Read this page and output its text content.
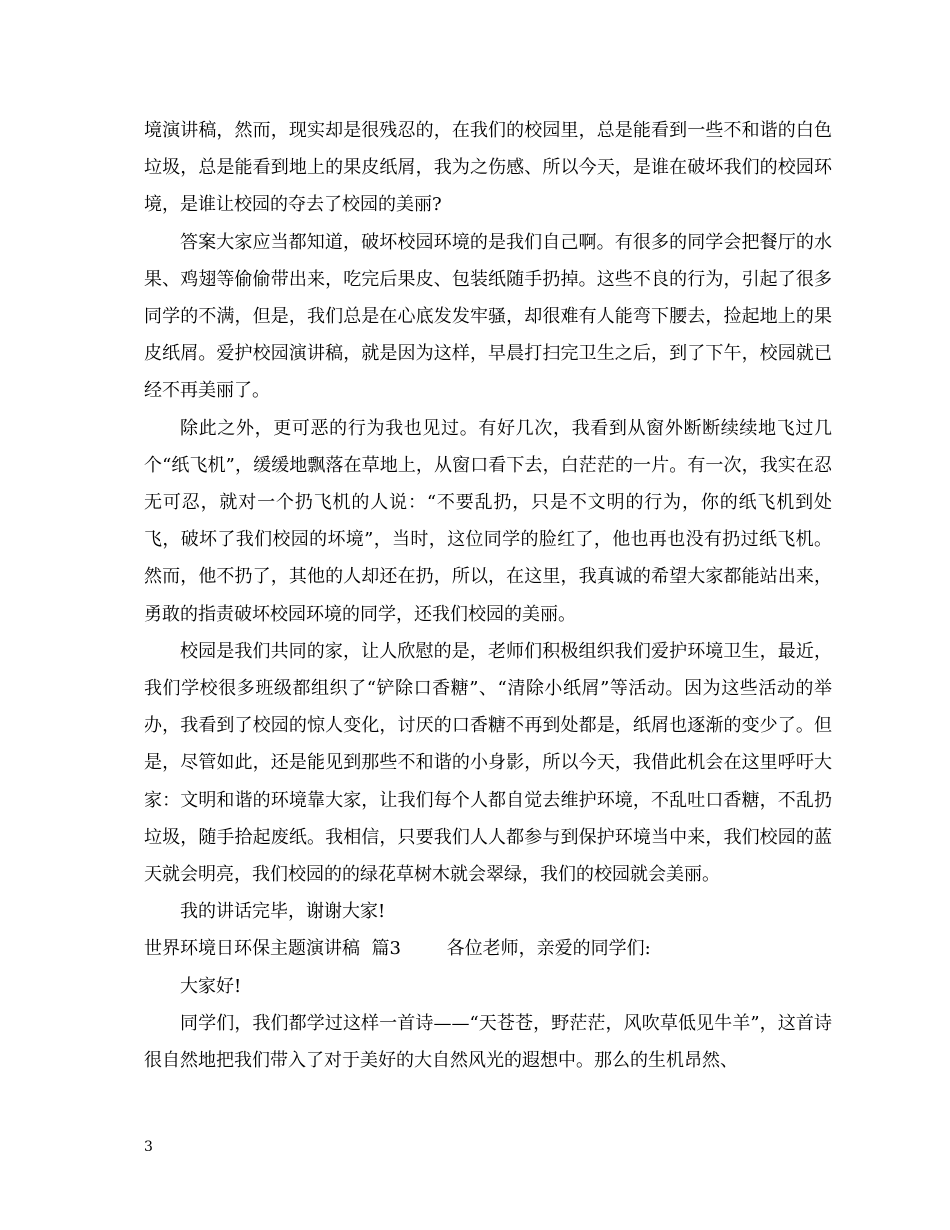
境演讲稿，然而，现实却是很残忍的，在我们的校园里，总是能看到一些不和谐的白色垃圾，总是能看到地上的果皮纸屑，我为之伤感、所以今天，是谁在破坏我们的校园环境，是谁让校园的夺去了校园的美丽?

答案大家应当都知道，破坏校园环境的是我们自己啊。有很多的同学会把餐厅的水果、鸡翅等偷偷带出来，吃完后果皮、包装纸随手扔掉。这些不良的行为，引起了很多同学的不满，但是，我们总是在心底发发牢骚，却很难有人能弯下腰去，捡起地上的果皮纸屑。爱护校园演讲稿，就是因为这样，早晨打扫完卫生之后，到了下午，校园就已经不再美丽了。

除此之外，更可恶的行为我也见过。有好几次，我看到从窗外断断续续地飞过几个“纸飞机”，缓缓地飘落在草地上，从窗口看下去，白茫茫的一片。有一次，我实在忍无可忍，就对一个扔飞机的人说：“不要乱扔，只是不文明的行为，你的纸飞机到处飞，破坏了我们校园的坏境”，当时，这位同学的脸红了，他也再也没有扔过纸飞机。然而，他不扔了，其他的人却还在扔，所以，在这里，我真诚的希望大家都能站出来，勇敢的指责破坏校园环境的同学，还我们校园的美丽。

校园是我们共同的家，让人欣慰的是，老师们积极组织我们爱护环境卫生，最近，我们学校很多班级都组织了“铲除口香糖”、“清除小纸屑”等活动。因为这些活动的举办，我看到了校园的惊人变化，讨厌的口香糖不再到处都是，纸屑也逐渐的变少了。但是，尽管如此，还是能见到那些不和谐的小身影，所以今天，我借此机会在这里呼吁大家：文明和谐的环境靠大家，让我们每个人都自觉去维护环境，不乱吐口香糖，不乱扔垃圾，随手拾起废纸。我相信，只要我们人人都参与到保护环境当中来，我们校园的蓝天就会明亮，我们校园的的绿花草树木就会翠绿，我们的校园就会美丽。

我的讲话完毕，谢谢大家!

世界环境日环保主题演讲稿  篇3        各位老师，亲爱的同学们:

大家好!

同学们，我们都学过这样一首诗——“天苍苍，野茫茫，风吹草低见牛羊”，这首诗很自然地把我们带入了对于美好的大自然风光的遐想中。那么的生机昂然、

3
